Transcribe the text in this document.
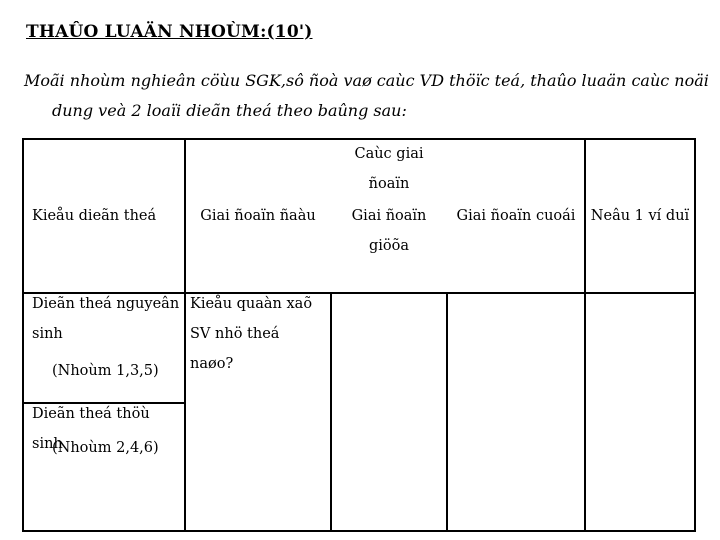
THAÛO LUAÄN NHOÙM:(10')
Moãi nhoùm nghieân cöùu SGK,sô ñoà vaø caùc VD thöïc teá, thaûo luaän caùc noäi dung veà 2 loaïi dieãn theá theo baûng sau:
Kieåu dieãn theá
Caùc giai ñoaïn
Giai ñoaïn ñaàu	Giai ñoaïn giöõa
Giai ñoaïn cuoái	Neâu 1 ví duï
Dieãn theá nguyeân sinh
(Nhoùm 1,3,5)
Kieåu quaàn xaõ SV nhö theá naøo?
Dieãn theá thöù sinh
(Nhoùm 2,4,6)
